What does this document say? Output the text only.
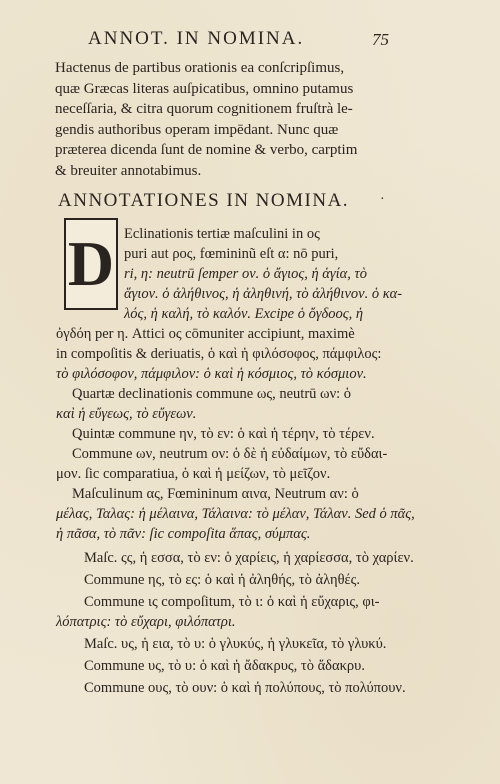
ANNOT. IN NOMINA.	75

Hactenus de partibus orationis ea conſcripſimus,
quæ Græcas literas auſpicatibus, omnino putamus
neceſſaria, & citra quorum cognitionem fruſtrà le-
gendis authoribus operam impēdant. Nunc quæ
præterea dicenda ſunt de nomine & verbo, carptim
& breuiter annotabimus.

ANNOTATIONES IN NOMINA. ·
D Eclinationis tertiæ maſculini in ος
puri aut ρος, fœmininũ eſt α: nō puri,
ri, η: neutrū ſemper ον. ὁ ἄγιος, ἡ ἁγία, τὸ
ἅγιον. ὁ ἀλήθινος, ἡ ἀληθινή, τὸ ἀλήθινον. ὁ κα-
λός, ἡ καλή, τὸ καλόν. Excipe ὁ ὄγδοος, ἡ
ὀγδόη per η. Attici ος cōmuniter accipiunt, maximè
in compoſitis & deriuatis, ὁ καὶ ἡ φιλόσοφος, πάμφιλος:
τὸ φιλόσοφον, πάμφιλον: ὁ καὶ ἡ κόσμιος, τὸ κόσμιον.
Quartæ declinationis commune ως, neutrū ων: ὁ
καὶ ἡ εὔγεως, τὸ εὔγεων.
Quintæ commune ην, τὸ εν: ὁ καὶ ἡ τέρην, τὸ τέρεν.
Commune ων, neutrum ον: ὁ δὲ ἡ εὐδαίμων, τὸ εὔδαι-
μον. ſic comparatiua, ὁ καὶ ἡ μείζων, τὸ μεῖζον.
Maſculinum ας, Fœmininum αινα, Neutrum αν: ὁ
μέλας, Ταλας: ἡ μέλαινα, Τάλαινα: τὸ μέλαν, Τάλαν. Sed ὁ πᾶς,
ἡ πᾶσα, τὸ πᾶν: ſic compoſita ἅπας, σύμπας.
Maſc. ςς, ἡ εσσα, τὸ εν: ὁ χαρίεις, ἡ χαρίεσσα, τὸ χαρίεν.
Commune ης, τὸ ες: ὁ καὶ ἡ ἀληθής, τὸ ἀληθές.
Commune ις compoſitum, τὸ ι: ὁ καὶ ἡ εὔχαρις, φι-
λόπατρις: τὸ εὔχαρι, φιλόπατρι.
Maſc. υς, ἡ εια, τὸ υ: ὁ γλυκύς, ἡ γλυκεῖα, τὸ γλυκύ.
Commune υς, τὸ υ: ὁ καὶ ἡ ἄδακρυς, τὸ ἄδακρυ.
Commune ους, τὸ ουν: ὁ καὶ ἡ πολύπους, τὸ πολύπουν.
